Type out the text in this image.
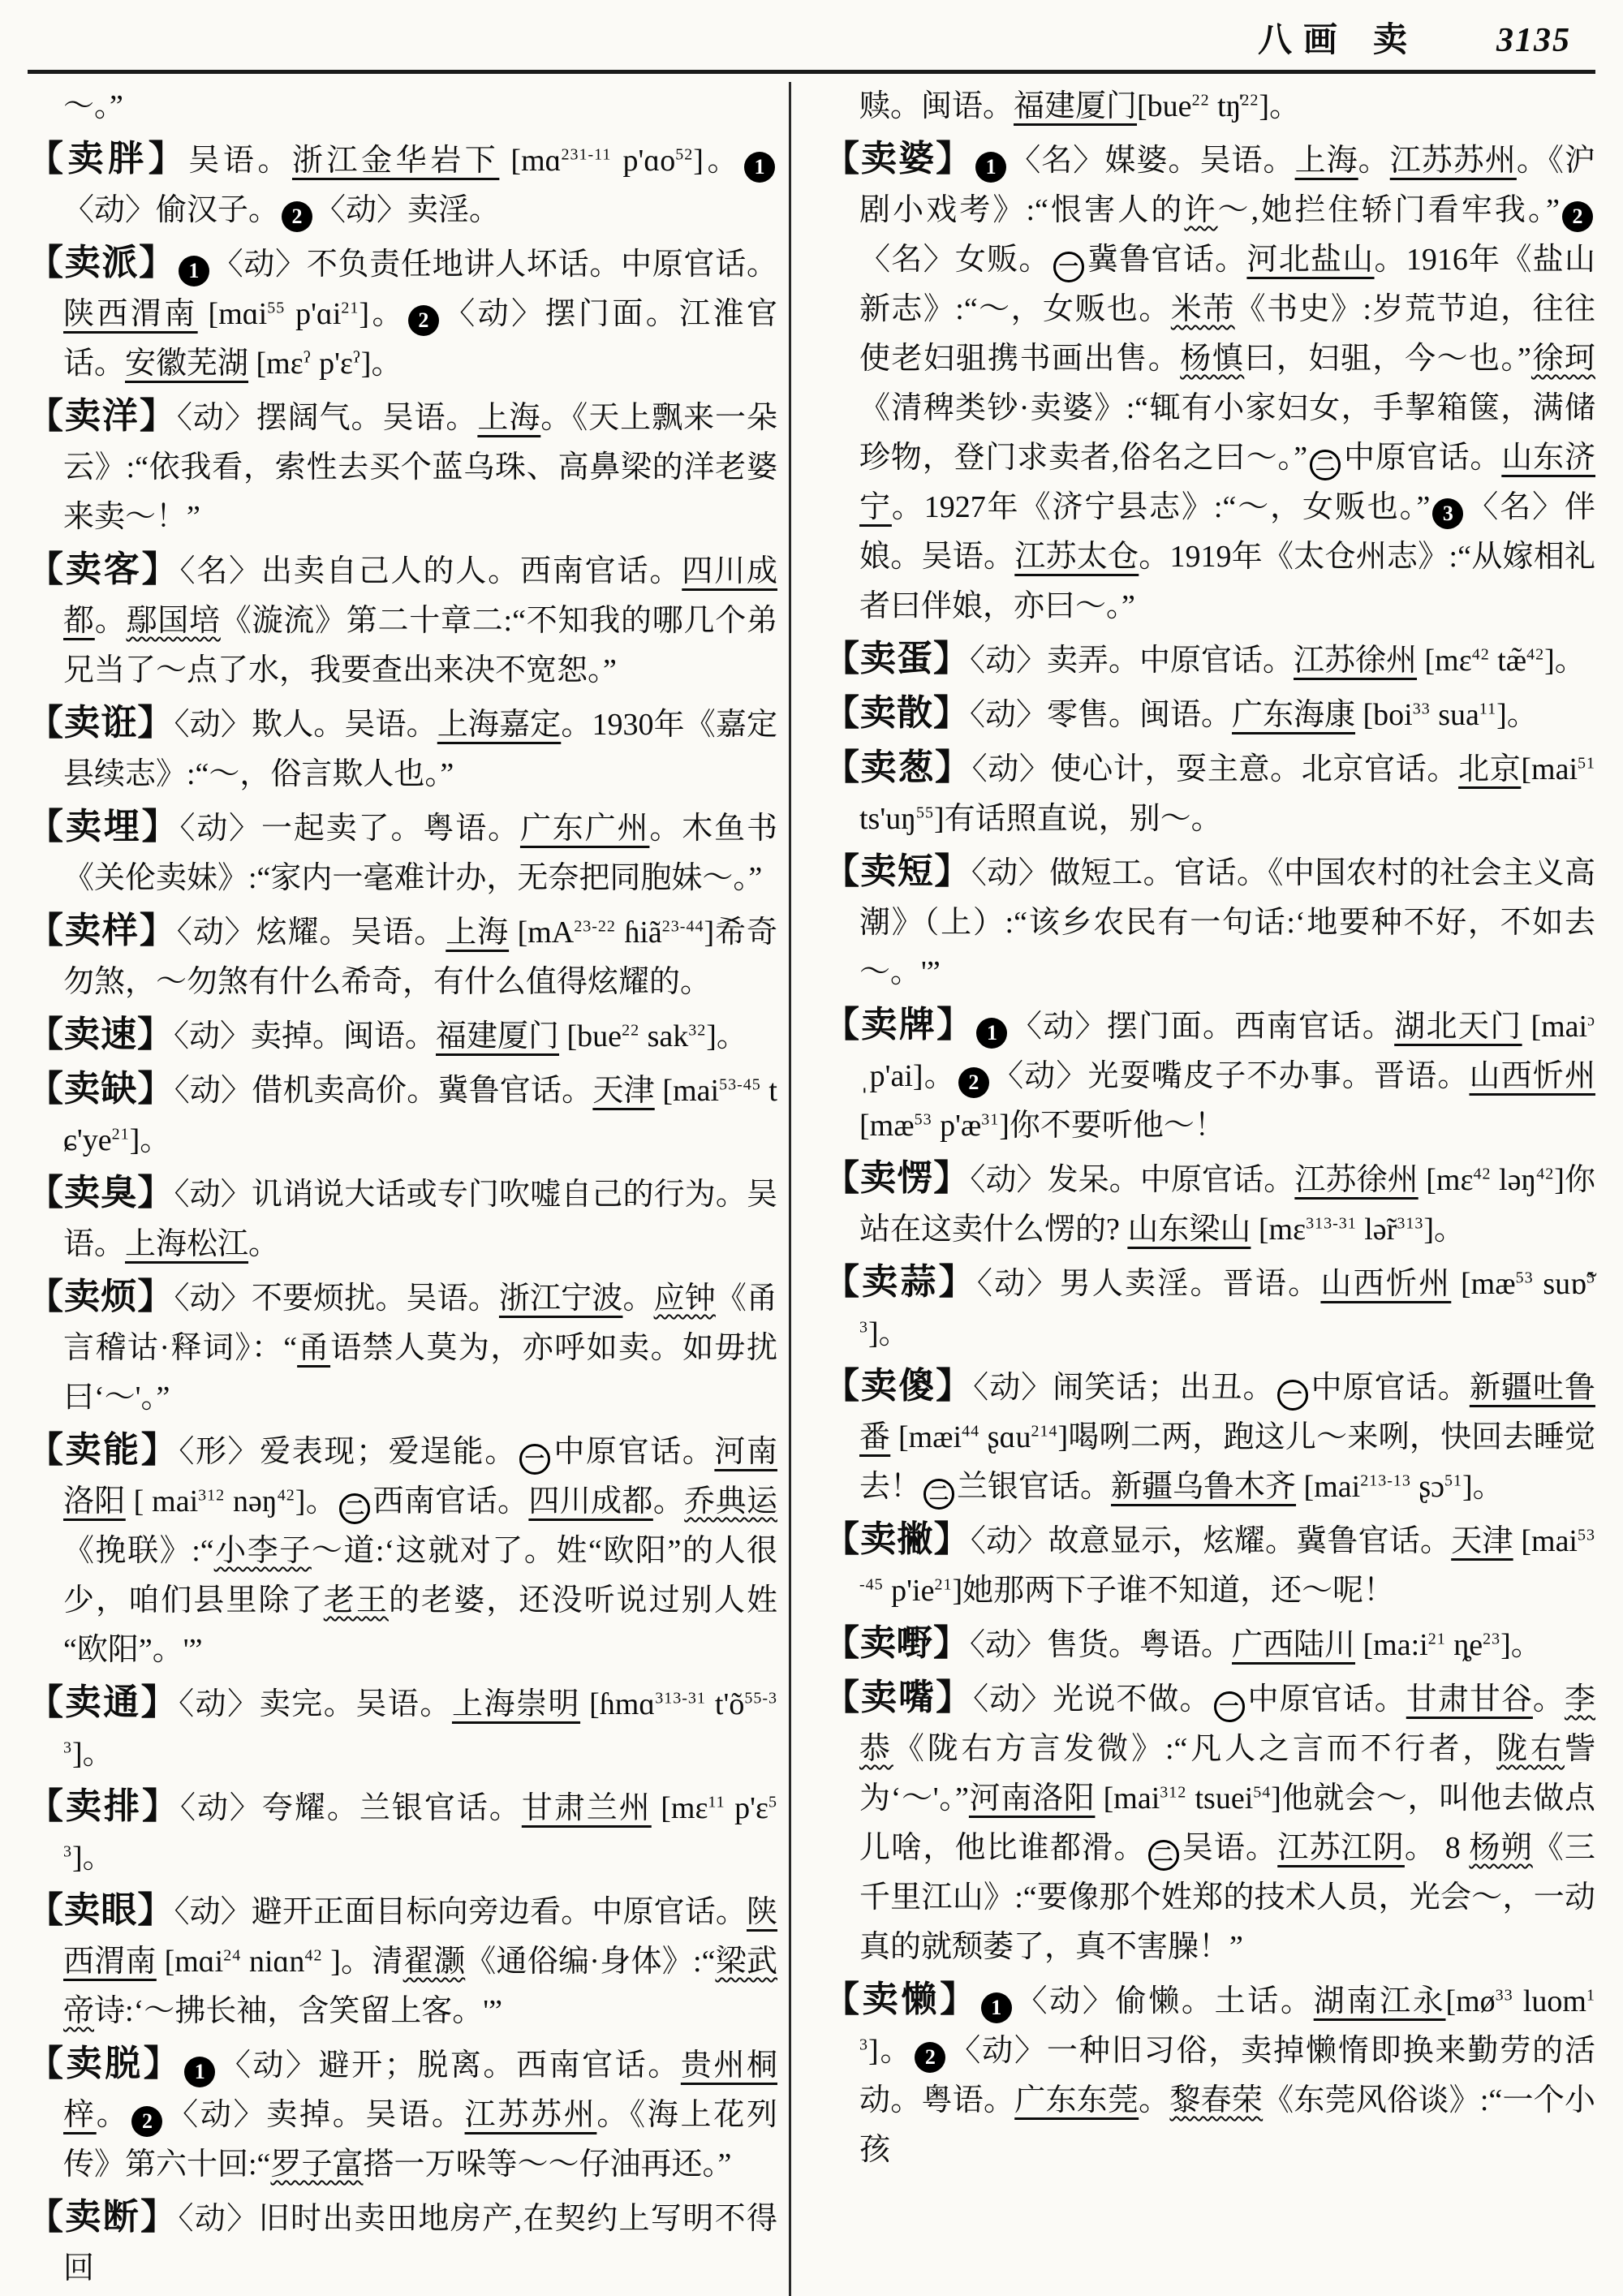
八画 卖	3135

～。”

【卖胖】吴语。浙江金华岩下 [mɑ$^{231-11}$ p'ɑo$^{52}$]。 1〈动〉偷汉子。 2 〈动〉卖淫。

【卖派】 1 〈动〉不负责任地讲人坏话。中原官话。陕西渭南 [mɑi$^{55}$ p'ɑi$^{21}$]。 2 〈动〉摆门面。江淮官话。安徽芜湖 [mɛ$^ʔ$ p'ɛ$^ʔ$]。

【卖洋】〈动〉摆阔气。吴语。上海。《天上飘来一朵云》:“依我看，索性去买个蓝乌珠、高鼻梁的洋老婆来卖～！”

【卖客】〈名〉出卖自己人的人。西南官话。四川成都。鄢国培《漩流》第二十章二:“不知我的哪几个弟兄当了～点了水，我要查出来决不宽恕。”

【卖诳】〈动〉欺人。吴语。上海嘉定。1930年《嘉定县续志》:“～，俗言欺人也。”

【卖埋】〈动〉一起卖了。粤语。广东广州。木鱼书《关伦卖妹》:“家内一毫难计办，无奈把同胞妹～。”

【卖样】〈动〉炫耀。吴语。上海 [$mA^{23-22}$ ɦiã$^{23-44}$]希奇勿煞，～勿煞有什么希奇，有什么值得炫耀的。

【卖速】〈动〉卖掉。闽语。福建厦门 [bue$^{22}$ sak$^{32}$]。

【卖缺】〈动〉借机卖高价。冀鲁官话。天津 [mai$^{53-45}$ $tɕ'ye^{21}$]。

【卖臭】〈动〉讥诮说大话或专门吹嘘自己的行为。吴语。上海松江。

【卖烦】〈动〉不要烦扰。吴语。浙江宁波。应钟《甬言稽诂·释词》：“甬语禁人莫为，亦呼如卖。如毋扰曰‘～'。”

【卖能】〈形〉爱表现；爱逞能。 一 中原官话。河南洛阳 [ mai$^{312}$ nəŋ$^{42}$]。 二 西南官话。四川成都。乔典运《挽联》:“小李子～道:‘这就对了。姓“欧阳”的人很少，咱们县里除了老王的老婆，还没听说过别人姓“欧阳”。'”

【卖通】〈动〉卖完。吴语。上海崇明 [ɦmɑ$^{313-31}$ $t'õ^{55-33}$]。

【卖排】〈动〉夸耀。兰银官话。甘肃兰州 [mɛ$^{11}$ p'ɛ$^{53}$]。

【卖眼】〈动〉避开正面目标向旁边看。中原官话。陕西渭南 [mɑi$^{24}$ niɑn$^{42}$ ]。清翟灏《通俗编·身体》:“梁武帝诗:‘～拂长袖，含笑留上客。'”

【卖脱】 1 〈动〉避开；脱离。西南官话。贵州桐梓。 2 〈动〉卖掉。吴语。江苏苏州。《海上花列传》第六十回:“罗子富搭一万哚等～～仔油再还。”

【卖断】〈动〉旧时出卖田地房产,在契约上写明不得回

赎。闽语。福建厦门[bue$^{22}$ tŋ̍$^{22}$]。

【卖婆】 1 〈名〉媒婆。吴语。上海。江苏苏州。《沪剧小戏考》:“恨害人的许～,她拦住轿门看牢我。” 2〈名〉女贩。 一 冀鲁官话。河北盐山。1916年《盐山新志》:“～，女贩也。米芾《书史》:岁荒节迫，往往使老妇驵携书画出售。杨慎曰，妇驵，今～也。”徐珂《清稗类钞·卖婆》:“辄有小家妇女，手挈箱箧，满储珍物，登门求卖者,俗名之曰～。” 二 中原官话。山东济宁。1927年《济宁县志》:“～，女贩也。” 3 〈名〉伴娘。吴语。江苏太仓。1919年《太仓州志》:“从嫁相礼者曰伴娘，亦曰～。”

【卖蛋】〈动〉卖弄。中原官话。江苏徐州 [mɛ$^{42}$ tæ̃$^{42}$]。

【卖散】〈动〉零售。闽语。广东海康 [boi$^{33}$ sua$^{11}$]。

【卖葱】〈动〉使心计，耍主意。北京官话。北京[mai$^{51}$ $ts'uŋ^{55}$]有话照直说，别～。

【卖短】〈动〉做短工。官话。《中国农村的社会主义高潮》（上）:“该乡农民有一句话:‘地要种不好，不如去～。'”

【卖牌】 1 〈动〉摆门面。西南官话。湖北天门 [mai$^ɔ$ ˌp'ai]。 2 〈动〉光耍嘴皮子不办事。晋语。山西忻州 [$mæ^{53}$ $p'æ^{31}$]你不要听他～！

【卖愣】〈动〉发呆。中原官话。江苏徐州 [mɛ$^{42}$ ləŋ$^{42}$]你站在这卖什么愣的? 山东梁山 [mɛ$^{313-31}$ $lə̃r^{313}$]。

【卖蒜】〈动〉男人卖淫。晋语。山西忻州 [$mæ^{53}$ suɒ̃$^{53}$]。

【卖傻】〈动〉闹笑话；出丑。 一 中原官话。新疆吐鲁番 [mæi$^{44}$ ʂɑu$^{214}$]喝咧二两，跑这儿～来咧，快回去睡觉去！ 二 兰银官话。新疆乌鲁木齐 [mai$^{213-13}$ ʂɔ$^{51}$]。

【卖撇】〈动〉故意显示，炫耀。冀鲁官话。天津 [mai$^{53-45}$ $p'ie^{21}$]她那两下子谁不知道，还～呢！

【卖嘢】〈动〉售货。粤语。广西陆川 [$ma:i^{21}$ $ȵe^{23}$]。

【卖嘴】〈动〉光说不做。 一 中原官话。甘肃甘谷。李恭《陇右方言发微》:“凡人之言而不行者，陇右訾为‘～'。”河南洛阳 [mai$^{312}$ tsuei$^{54}$]他就会～，叫他去做点儿啥，他比谁都滑。 二 吴语。江苏江阴。 8 杨朔《三千里江山》:“要像那个姓郑的技术人员，光会～，一动真的就颓萎了，真不害臊！”

【卖懒】 1 〈动〉偷懒。土话。湖南江永[$mø^{33}$ luom$^{13}$]。 2 〈动〉一种旧习俗，卖掉懒惰即换来勤劳的活动。粤语。广东东莞。黎春荣《东莞风俗谈》:“一个小孩
